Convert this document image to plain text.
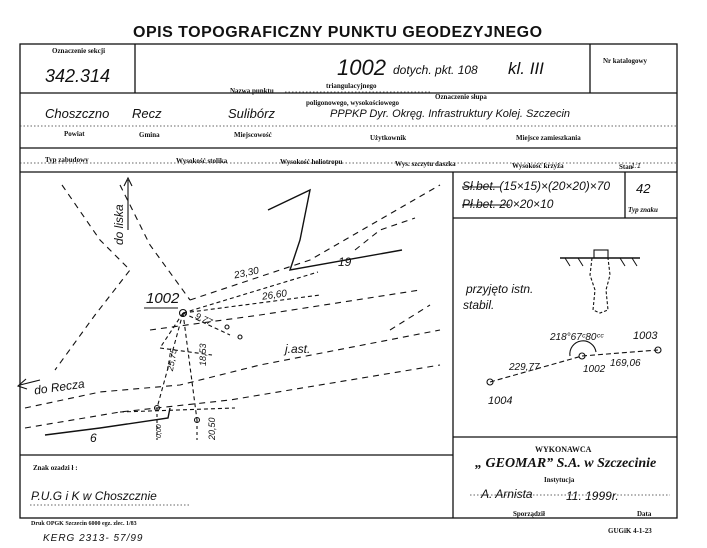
OPIS TOPOGRAFICZNY PUNKTU GEODEZYJNEGO
Oznaczenie sekcji
342.314	1002 dotych. pkt. 108 kl. III	Nr katalogowy
Nazwa punktu
triangulacyjnego
poligonowego, wysokościowego
Oznaczenie słupa
Choszczno Recz	Sulibórz	PPPKP Dyr. Okręg. Infrastruktury Kolej. Szczecin
Powiat	Gmina	Miejscowość	Użytkownik	Miejsce zamieszkania
Typ zabudowy	Wysokość stolika	Wysokość heliotropu	Wys. szczytu daszka	Wysokość krzyża	Stan
1:1
Sł.bet. (15×15)×(20×20)×70
Pł.bet. 20×20×10
42
Typ znaku
przyjęto istn.
stabil.
218°67ᶜ80ᶜᶜ	1003
1002
169,06
229,77
1004
do liska
do Recza
1002
23,30
26,60
9,77
18,53
25,75
20,50
0,00
19
6
j.ast.
WYKONAWCA
„ GEOMAR” S.A. w Szczecinie
Instytucja
A. Arnista	11. 1999r.
Sporządził	Data
Znak ozadzi ł :
P.U.G i K w Choszcznie
Druk OPGK Szczecin 6000 egz. zlec. 1/83
KERG 2313- 57/99
GUGiK 4-1-23
